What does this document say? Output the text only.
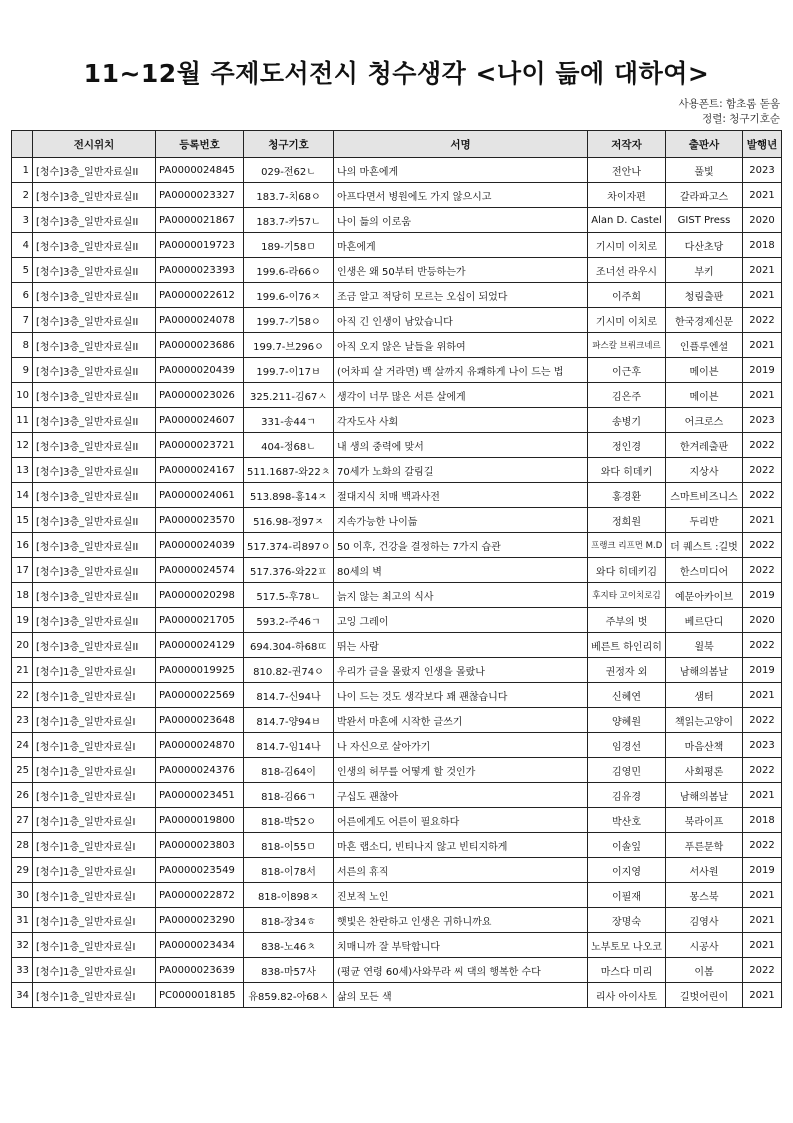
11~12월 주제도서전시 청수생각 <나이 듦에 대하여>
사용폰트: 함초롬 돋움
정렬: 청구기호순
	전시위치	등록번호	청구기호	서명	저작자	출판사	발행년
1	[청수]3층_일반자료실II	PA0000024845	029-전62ㄴ	나의 마흔에게	전안나	풀빛	2023
2	[청수]3층_일반자료실II	PA0000023327	183.7-치68ㅇ	아프다면서 병원에도 가지 않으시고	차이자편	갈라파고스	2021
3	[청수]3층_일반자료실II	PA0000021867	183.7-카57ㄴ	나이 듦의 이로움	Alan D. Castel	GIST Press	2020
4	[청수]3층_일반자료실II	PA0000019723	189-기58ㅁ	마흔에게	기시미 이치로	다산초당	2018
5	[청수]3층_일반자료실II	PA0000023393	199.6-라66ㅇ	인생은 왜 50부터 반등하는가	조너선 라우시	부키	2021
6	[청수]3층_일반자료실II	PA0000022612	199.6-이76ㅈ	조금 알고 적당히 모르는 오십이 되었다	이주희	청림출판	2021
7	[청수]3층_일반자료실II	PA0000024078	199.7-기58ㅇ	아직 긴 인생이 남았습니다	기시미 이치로	한국경제신문	2022
8	[청수]3층_일반자료실II	PA0000023686	199.7-브296ㅇ	아직 오지 않은 날들을 위하여	파스칼 브뤼크네르	인플루엔셜	2021
9	[청수]3층_일반자료실II	PA0000020439	199.7-이17ㅂ	(어차피 살 거라면) 백 살까지 유쾌하게 나이 드는 법	이근후	메이븐	2019
10	[청수]3층_일반자료실II	PA0000023026	325.211-김67ㅅ	생각이 너무 많은 서른 살에게	김은주	메이븐	2021
11	[청수]3층_일반자료실II	PA0000024607	331-송44ㄱ	각자도사 사회	송병기	어크로스	2023
12	[청수]3층_일반자료실II	PA0000023721	404-정68ㄴ	내 생의 중력에 맞서	정인경	한겨레출판	2022
13	[청수]3층_일반자료실II	PA0000024167	511.1687-와22ㅊ	70세가 노화의 갈림길	와다 히데키	지상사	2022
14	[청수]3층_일반자료실II	PA0000024061	513.898-홍14ㅈ	절대지식 치매 백과사전	홍경환	스마트비즈니스	2022
15	[청수]3층_일반자료실II	PA0000023570	516.98-정97ㅈ	지속가능한 나이듦	정희원	두리반	2021
16	[청수]3층_일반자료실II	PA0000024039	517.374-리897ㅇ	50 이후, 건강을 결정하는 7가지 습관	프랭크 리프먼 M.D	더 퀘스트 :길벗	2022
17	[청수]3층_일반자료실II	PA0000024574	517.376-와22ㅍ	80세의 벽	와다 히데키김	한스미디어	2022
18	[청수]3층_일반자료실II	PA0000020298	517.5-후78ㄴ	늙지 않는 최고의 식사	후지타 고이치로김	예문아카이브	2019
19	[청수]3층_일반자료실II	PA0000021705	593.2-주46ㄱ	고잉 그레이	주부의 벗	베르단디	2020
20	[청수]3층_일반자료실II	PA0000024129	694.304-하68ㄸ	뛰는 사람	베른트 하인리히	윌북	2022
21	[청수]1층_일반자료실I	PA0000019925	810.82-권74ㅇ	우리가 글을 몰랐지 인생을 몰랐나	권정자 외	남해의봄날	2019
22	[청수]1층_일반자료실I	PA0000022569	814.7-신94나	나이 드는 것도 생각보다 꽤 괜찮습니다	신혜연	샘터	2021
23	[청수]1층_일반자료실I	PA0000023648	814.7-양94ㅂ	박완서 마흔에 시작한 글쓰기	양혜원	책읽는고양이	2022
24	[청수]1층_일반자료실I	PA0000024870	814.7-임14나	나 자신으로 살아가기	임경선	마음산책	2023
25	[청수]1층_일반자료실I	PA0000024376	818-김64이	인생의 허무를 어떻게 할 것인가	김영민	사회평론	2022
26	[청수]1층_일반자료실I	PA0000023451	818-김66ㄱ	구십도 괜찮아	김유경	남해의봄날	2021
27	[청수]1층_일반자료실I	PA0000019800	818-박52ㅇ	어른에게도 어른이 필요하다	박산호	북라이프	2018
28	[청수]1층_일반자료실I	PA0000023803	818-이55ㅁ	마흔 랩소디, 빈티나지 않고 빈티지하게	이솔잎	푸른문학	2022
29	[청수]1층_일반자료실I	PA0000023549	818-이78서	서른의 휴직	이지영	서사원	2019
30	[청수]1층_일반자료실I	PA0000022872	818-이898ㅈ	진보적 노인	이필재	몽스북	2021
31	[청수]1층_일반자료실I	PA0000023290	818-장34ㅎ	햇빛은 찬란하고 인생은 귀하니까요	장명숙	김영사	2021
32	[청수]1층_일반자료실I	PA0000023434	838-노46ㅊ	치매니까 잘 부탁합니다	노부토모 나오코	시공사	2021
33	[청수]1층_일반자료실I	PA0000023639	838-마57사	(평균 연령 60세)사와무라 씨 댁의 행복한 수다	마스다 미리	이봄	2022
34	[청수]1층_일반자료실I	PC0000018185	유859.82-아68ㅅ	삶의 모든 색	리사 아이사토	길벗어린이	2021
